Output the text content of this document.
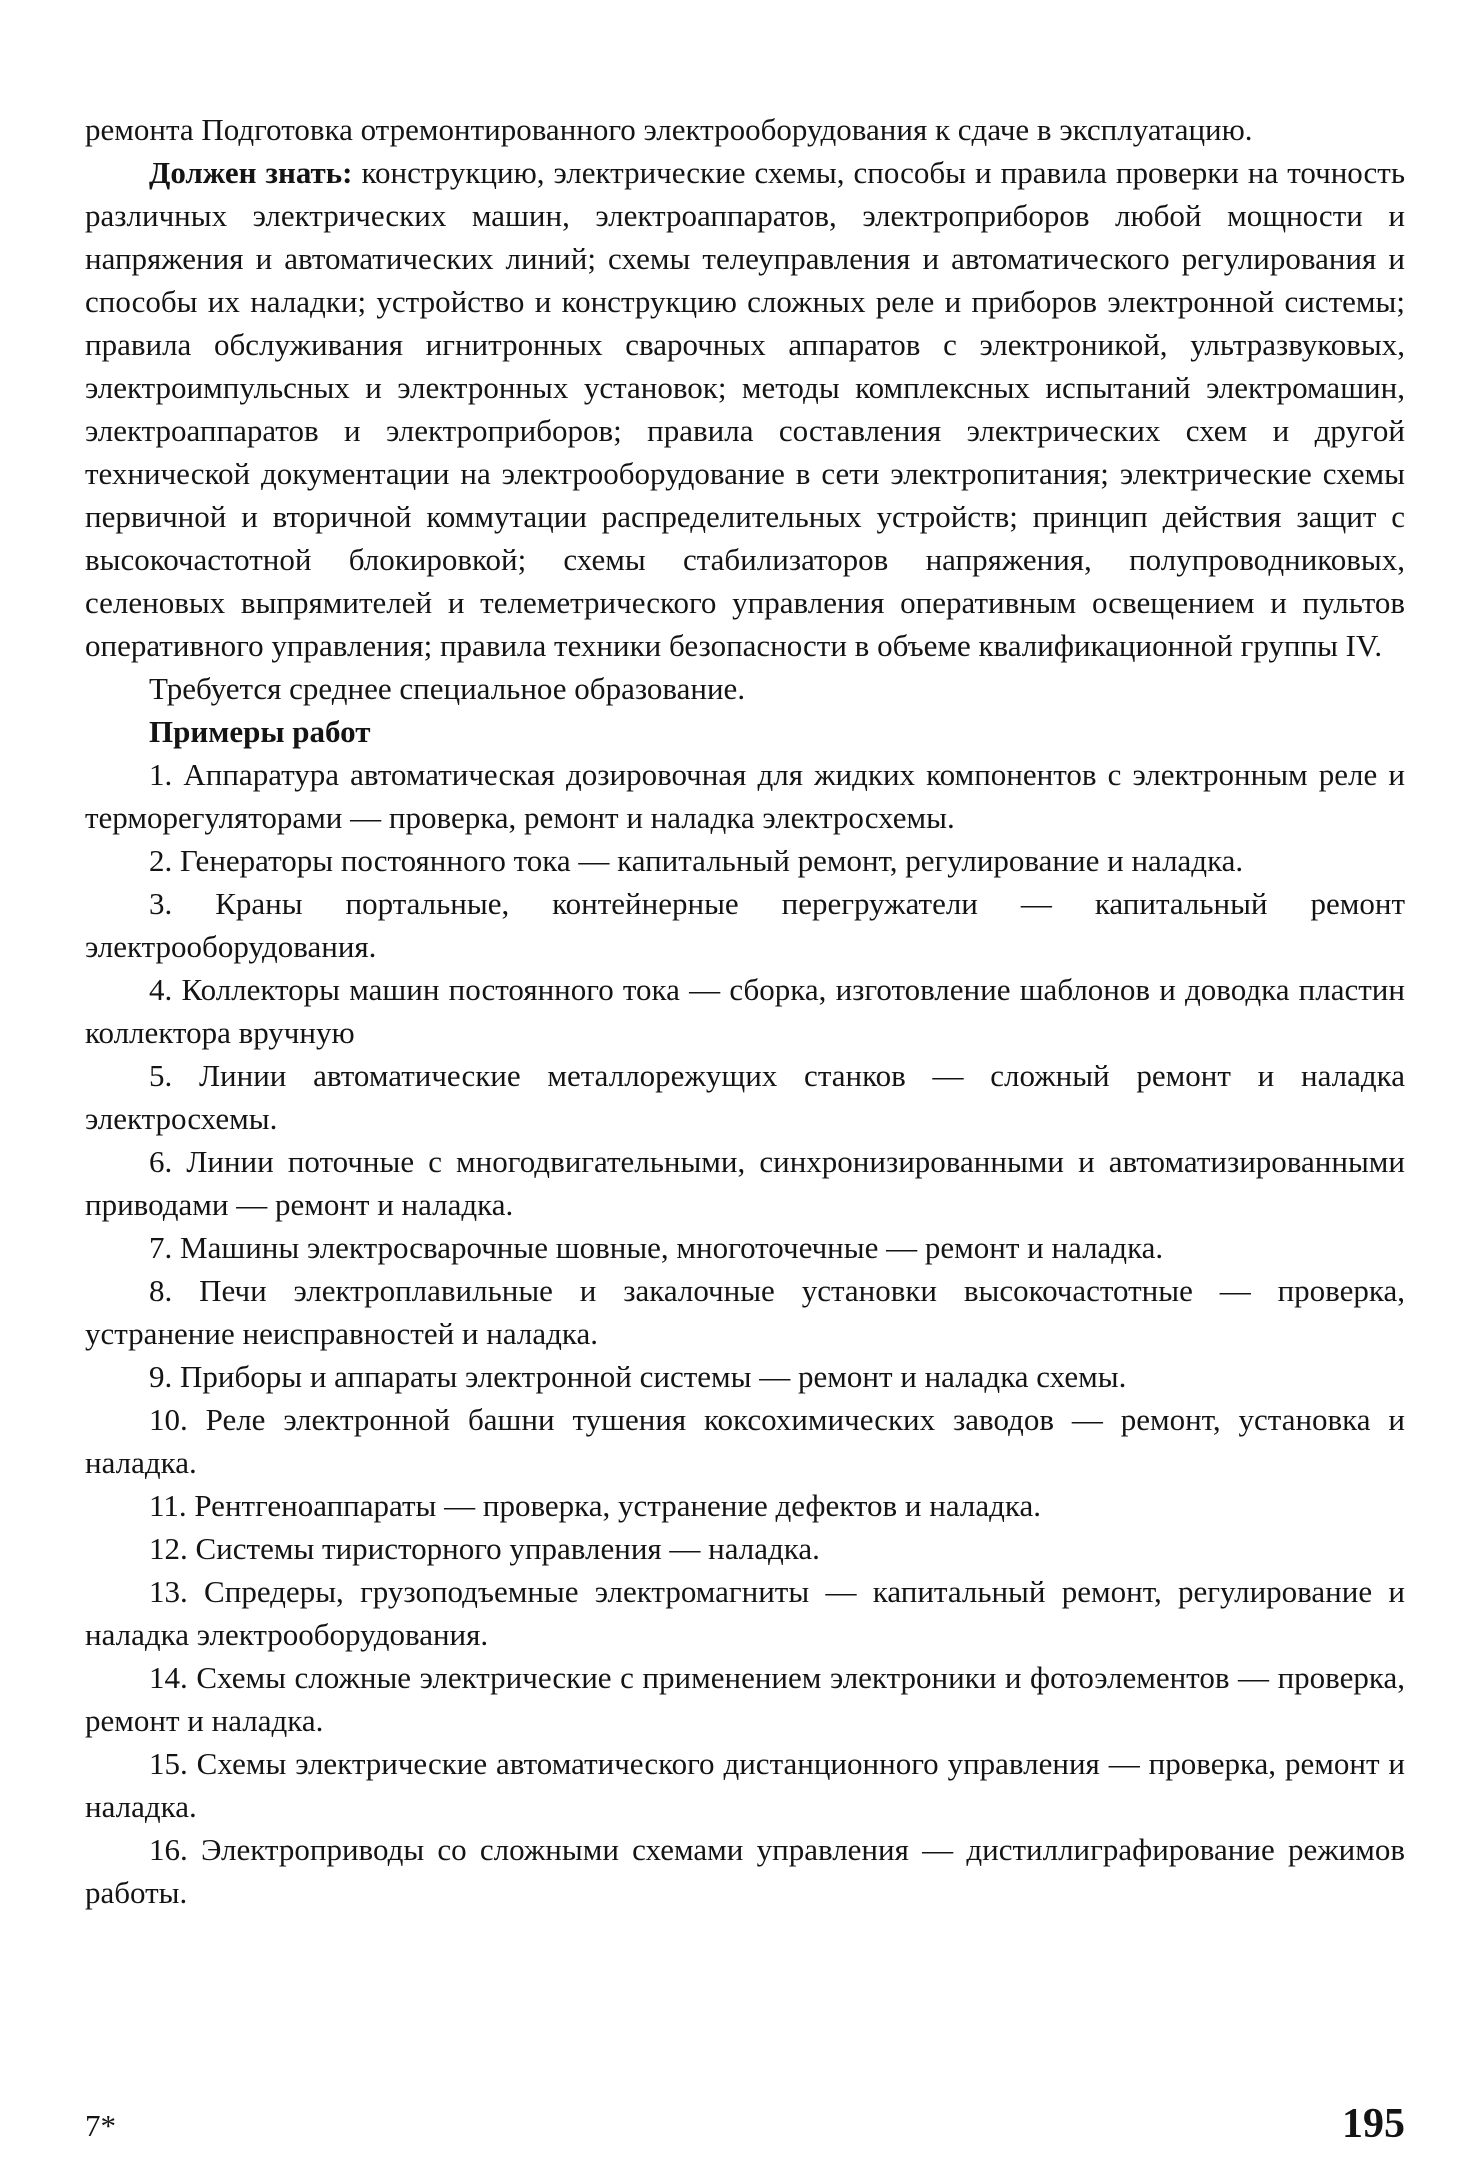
ремонта Подготовка отремонтированного электрооборудования к сдаче в эксплуатацию.

Должен знать: конструкцию, электрические схемы, способы и правила проверки на точность различных электрических машин, электроаппаратов, электроприборов любой мощности и напряжения и автоматических линий; схемы телеуправления и автоматического регулирования и способы их наладки; устройство и конструкцию сложных реле и приборов электронной системы; правила обслуживания игнитронных сварочных аппаратов с электроникой, ультразвуковых, электроимпульсных и электронных установок; методы комплексных испытаний электромашин, электроаппаратов и электроприборов; правила составления электрических схем и другой технической документации на электрооборудование в сети электропитания; электрические схемы первичной и вторичной коммутации распределительных устройств; принцип действия защит с высокочастотной блокировкой; схемы стабилизаторов напряжения, полупроводниковых, селеновых выпрямителей и телеметрического управления оперативным освещением и пультов оперативного управления; правила техники безопасности в объеме квалификационной группы IV.

Требуется среднее специальное образование.

Примеры работ

1. Аппаратура автоматическая дозировочная для жидких компонентов с электронным реле и терморегуляторами — проверка, ремонт и наладка электросхемы.

2. Генераторы постоянного тока — капитальный ремонт, регулирование и наладка.

3. Краны портальные, контейнерные перегружатели — капитальный ремонт электрооборудования.

4. Коллекторы машин постоянного тока — сборка, изготовление шаблонов и доводка пластин коллектора вручную

5. Линии автоматические металлорежущих станков — сложный ремонт и наладка электросхемы.

6. Линии поточные с многодвигательными, синхронизированными и автоматизированными приводами — ремонт и наладка.

7. Машины электросварочные шовные, многоточечные — ремонт и наладка.

8. Печи электроплавильные и закалочные установки высокочастотные — проверка, устранение неисправностей и наладка.

9. Приборы и аппараты электронной системы — ремонт и наладка схемы.

10. Реле электронной башни тушения коксохимических заводов — ремонт, установка и наладка.

11. Рентгеноаппараты — проверка, устранение дефектов и наладка.

12. Системы тиристорного управления — наладка.

13. Спредеры, грузоподъемные электромагниты — капитальный ремонт, регулирование и наладка электрооборудования.

14. Схемы сложные электрические с применением электроники и фотоэлементов — проверка, ремонт и наладка.

15. Схемы электрические автоматического дистанционного управления — проверка, ремонт и наладка.

16. Электроприводы со сложными схемами управления — дистиллиграфирование режимов работы.

7*	195
